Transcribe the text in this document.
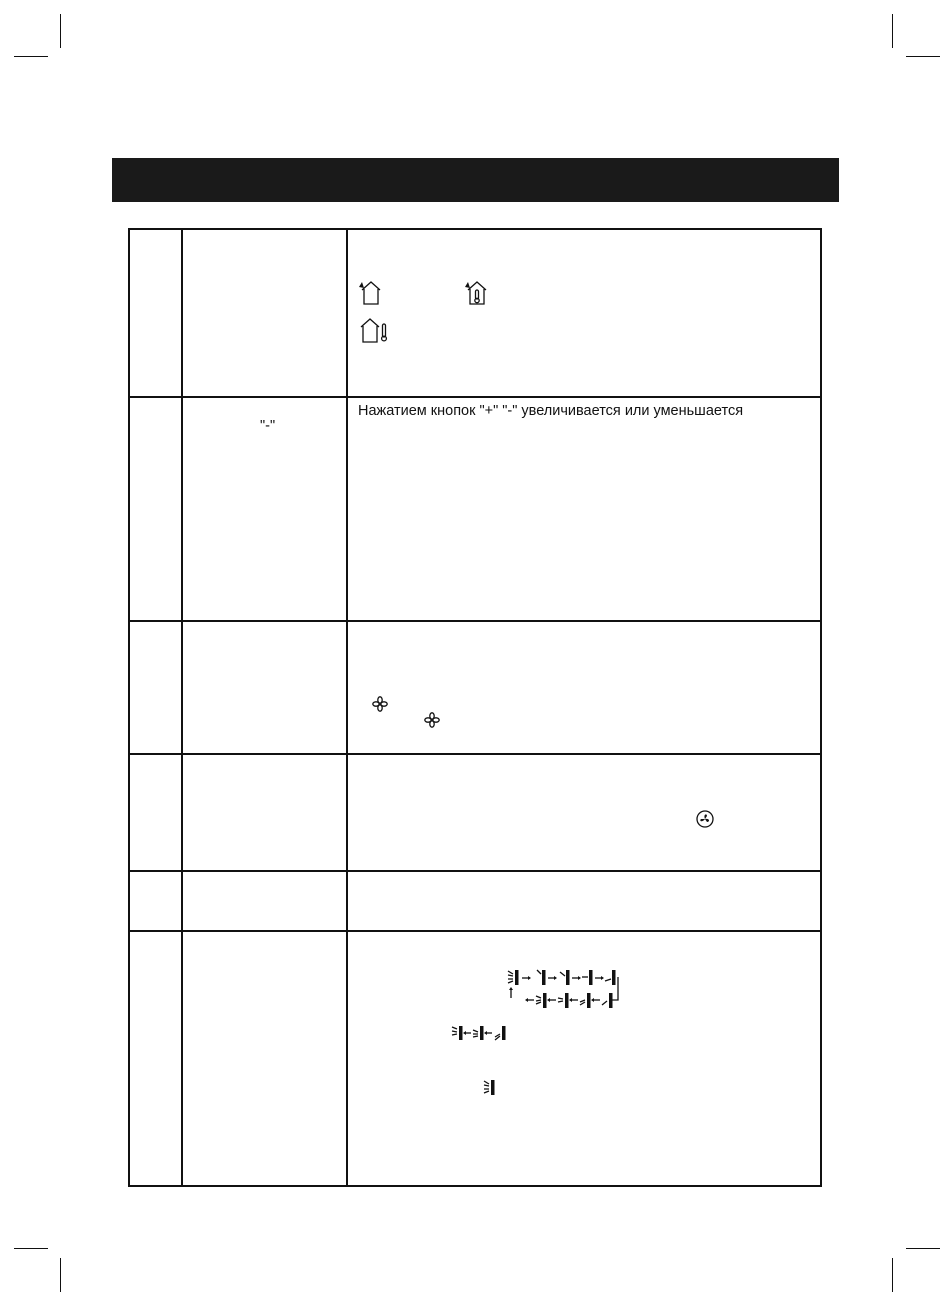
"-"
Нажатием кнопок "+" "-" увеличивается или уменьшается
